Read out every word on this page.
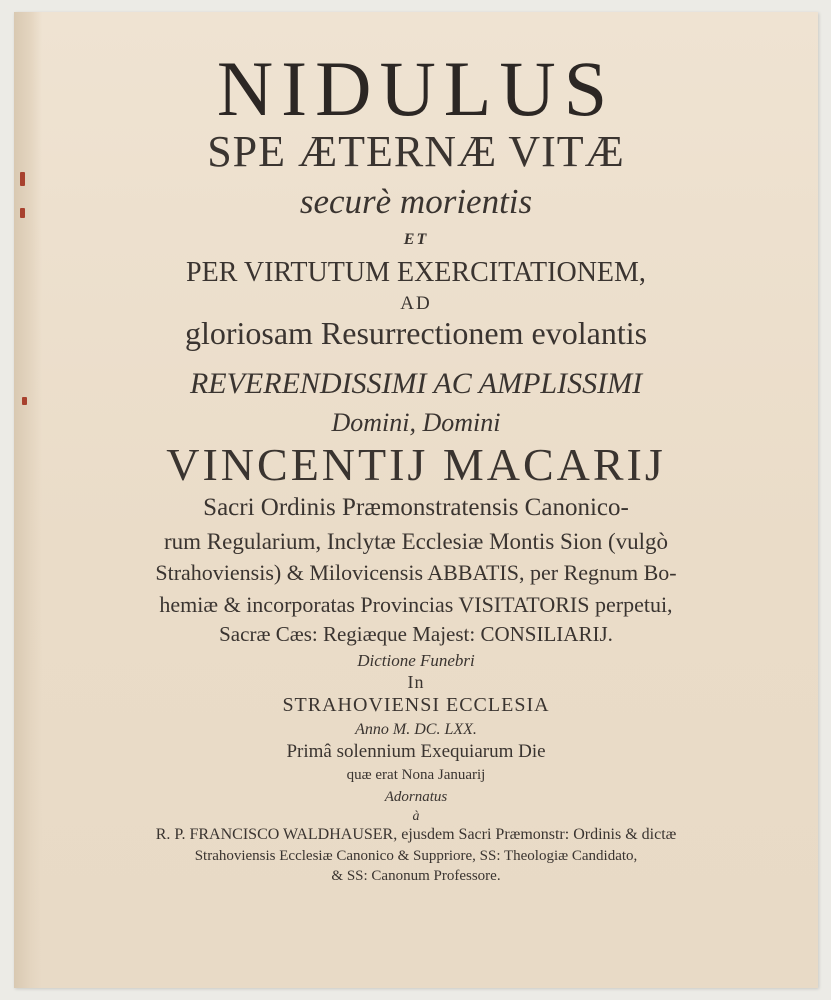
NIDULUS
SPE ÆTERNÆ VITÆ
securè morientis
ET
PER VIRTUTUM EXERCITATIONEM,
AD
gloriosam Resurrectionem evolantis
REVERENDISSIMI AC AMPLISSIMI
Domini, Domini
VINCENTIJ MACARIJ
Sacri Ordinis Præmonstratensis Canonico-
rum Regularium, Inclytæ Ecclesiæ Montis Sion (vulgò
Strahoviensis) & Milovicensis ABBATIS, per Regnum Bo-
hemiæ & incorporatas Provincias VISITATORIS perpetui,
Sacræ Cæs: Regiæque Majest: CONSILIARIJ.
Dictione Funebri
In
STRAHOVIENSI ECCLESIA
Anno M. DC. LXX.
Primâ solennium Exequiarum Die
quæ erat Nona Januarij
Adornatus
à
R. P. FRANCISCO WALDHAUSER, ejusdem Sacri Præmonstr: Ordinis & dictæ
Strahoviensis Ecclesiæ Canonico & Suppriore, SS: Theologiæ Candidato,
& SS: Canonum Professore.
